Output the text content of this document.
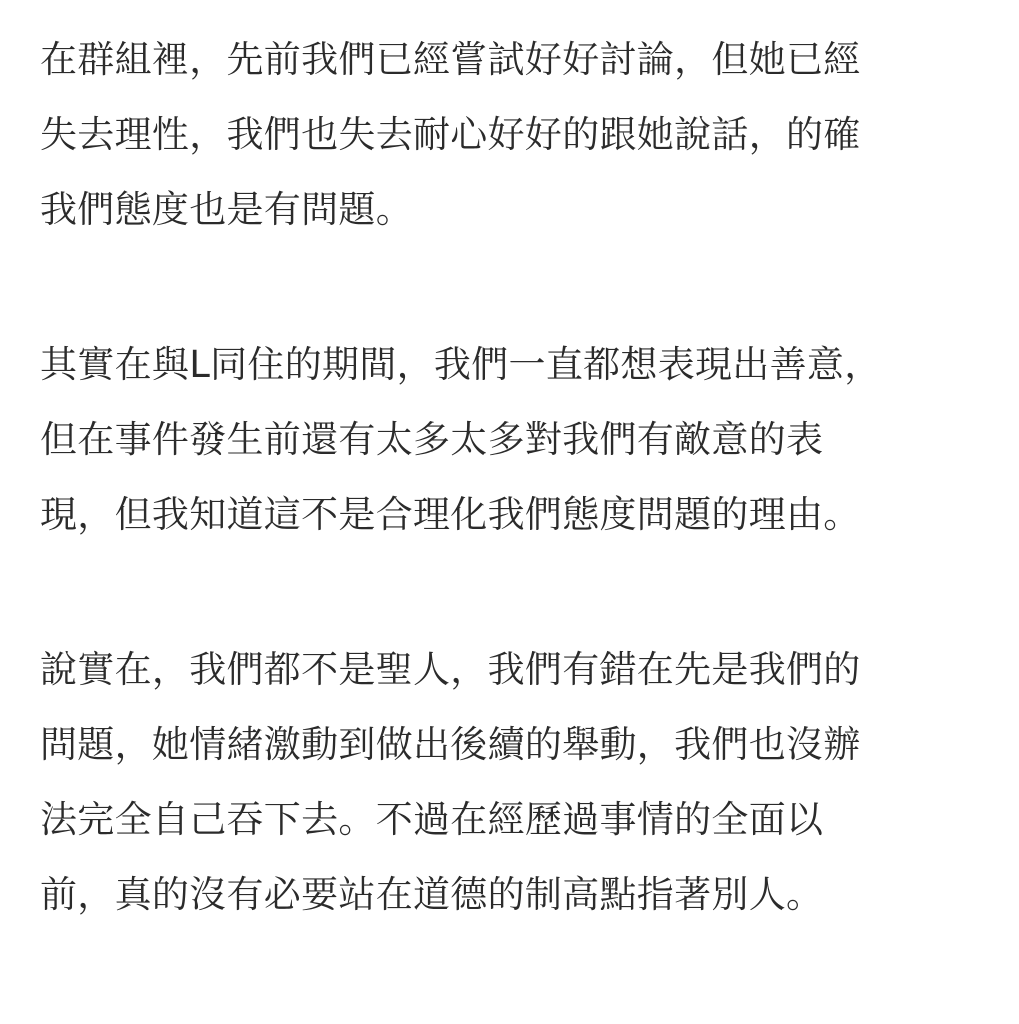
在群組裡，先前我們已經嘗試好好討論，但她已經
失去理性，我們也失去耐心好好的跟她說話，的確
我們態度也是有問題。
其實在與L同住的期間，我們一直都想表現出善意，
但在事件發生前還有太多太多對我們有敵意的表
現，但我知道這不是合理化我們態度問題的理由。
說實在，我們都不是聖人，我們有錯在先是我們的
問題，她情緒激動到做出後續的舉動，我們也沒辦
法完全自己吞下去。不過在經歷過事情的全面以
前，真的沒有必要站在道德的制高點指著別人。
